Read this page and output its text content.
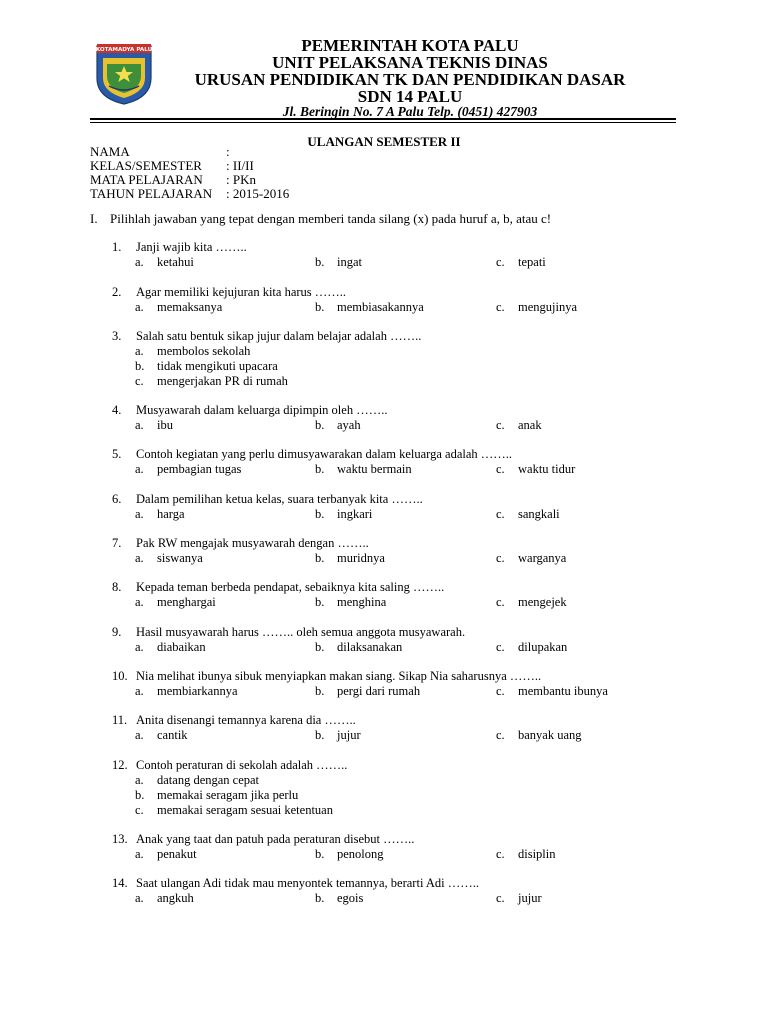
KOTAMADYA PALU	PEMERINTAH KOTA PALU
UNIT PELAKSANA TEKNIS DINAS
URUSAN PENDIDIKAN TK DAN PENDIDIKAN DASAR
SDN 14 PALU
Jl. Beringin No. 7 A Palu Telp. (0451) 427903
ULANGAN SEMESTER II
NAMA	:
KELAS/SEMESTER : II/II
MATA PELAJARAN : PKn
TAHUN PELAJARAN : 2015-2016
I. Pilihlah jawaban yang tepat dengan memberi tanda silang (x) pada huruf a, b, atau c!
1.	Janji wajib kita ……..
a. ketahui	b. ingat	c. tepati
2.	Agar memiliki kejujuran kita harus ……..
a. memaksanya	b. membiasakannya	c. mengujinya
3.	Salah satu bentuk sikap jujur dalam belajar adalah ……..
a. membolos sekolah
b. tidak mengikuti upacara
c. mengerjakan PR di rumah
4.	Musyawarah dalam keluarga dipimpin oleh ……..
a. ibu	b. ayah	c. anak
5.	Contoh kegiatan yang perlu dimusyawarakan dalam keluarga adalah ……..
a. pembagian tugas	b. waktu bermain	c. waktu tidur
6.	Dalam pemilihan ketua kelas, suara terbanyak kita ……..
a. harga	b. ingkari	c. sangkali
7.	Pak RW mengajak musyawarah dengan ……..
a. siswanya	b. muridnya	c. warganya
8.	Kepada teman berbeda pendapat, sebaiknya kita saling ……..
a. menghargai	b. menghina	c. mengejek
9.	Hasil musyawarah harus …….. oleh semua anggota musyawarah.
a. diabaikan	b. dilaksanakan	c. dilupakan
10. Nia melihat ibunya sibuk menyiapkan makan siang. Sikap Nia saharusnya ……..
a. membiarkannya	b. pergi dari rumah	c. membantu ibunya
11. Anita disenangi temannya karena dia ……..
a. cantik	b. jujur	c. banyak uang
12. Contoh peraturan di sekolah adalah ……..
a. datang dengan cepat
b. memakai seragam jika perlu
c. memakai seragam sesuai ketentuan
13. Anak yang taat dan patuh pada peraturan disebut ……..
a. penakut	b. penolong	c. disiplin
14. Saat ulangan Adi tidak mau menyontek temannya, berarti Adi ……..
a. angkuh	b. egois	c. jujur
